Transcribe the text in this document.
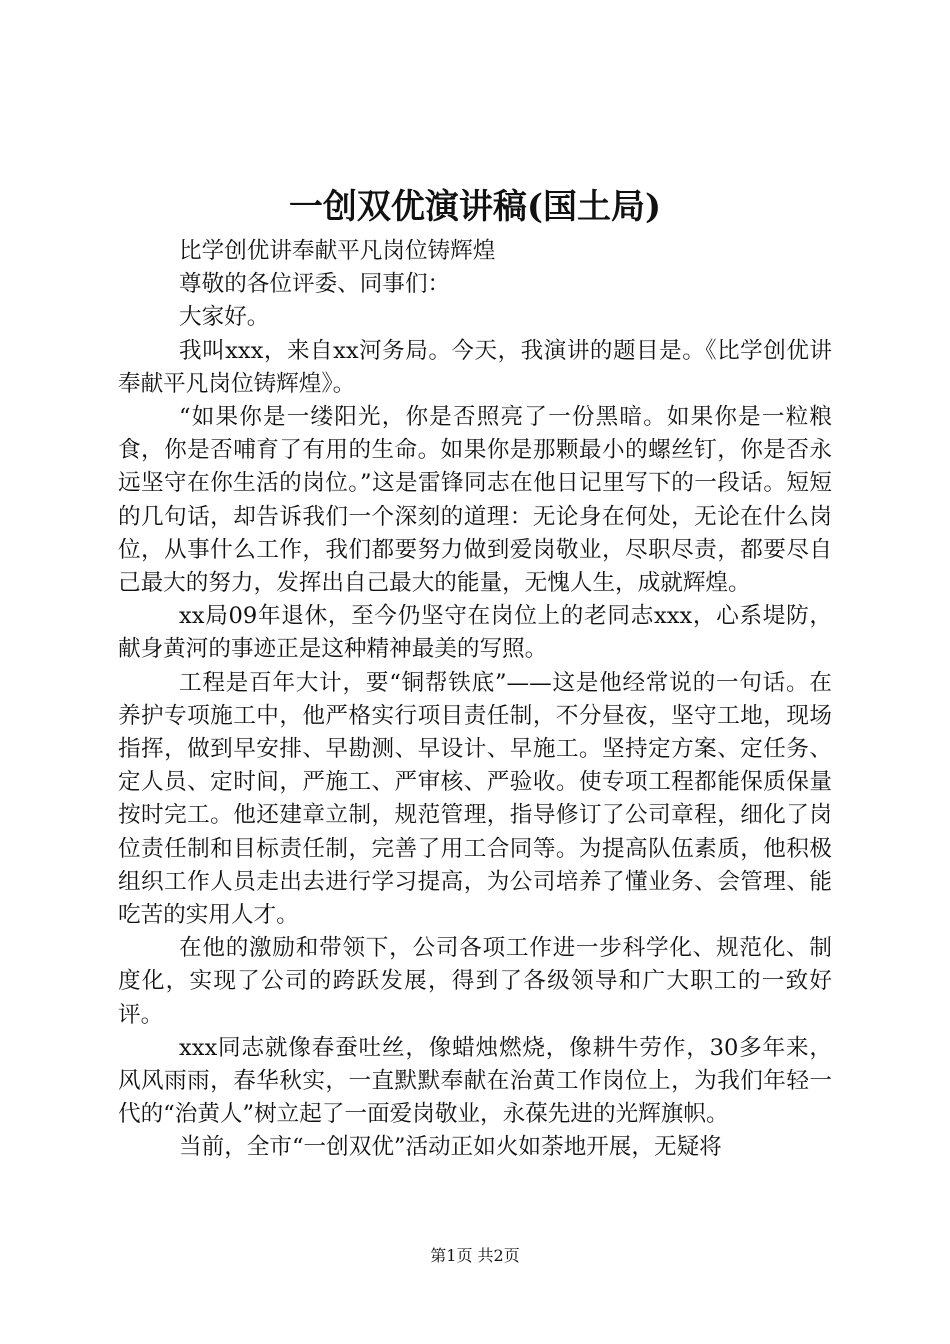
一创双优演讲稿(国土局)

比学创优讲奉献平凡岗位铸辉煌

尊敬的各位评委、同事们：

大家好。

我叫xxx，来自xx河务局。今天，我演讲的题目是。《比学创优讲奉献平凡岗位铸辉煌》。

“如果你是一缕阳光，你是否照亮了一份黑暗。如果你是一粒粮食，你是否哺育了有用的生命。如果你是那颗最小的螺丝钉，你是否永远坚守在你生活的岗位。”这是雷锋同志在他日记里写下的一段话。短短的几句话，却告诉我们一个深刻的道理：无论身在何处，无论在什么岗位，从事什么工作，我们都要努力做到爱岗敬业，尽职尽责，都要尽自己最大的努力，发挥出自己最大的能量，无愧人生，成就辉煌。

xx局09年退休，至今仍坚守在岗位上的老同志xxx，心系堤防，献身黄河的事迹正是这种精神最美的写照。

工程是百年大计，要“铜帮铁底”——这是他经常说的一句话。在养护专项施工中，他严格实行项目责任制，不分昼夜，坚守工地，现场指挥，做到早安排、早勘测、早设计、早施工。坚持定方案、定任务、定人员、定时间，严施工、严审核、严验收。使专项工程都能保质保量按时完工。他还建章立制，规范管理，指导修订了公司章程，细化了岗位责任制和目标责任制，完善了用工合同等。为提高队伍素质，他积极组织工作人员走出去进行学习提高，为公司培养了懂业务、会管理、能吃苦的实用人才。

在他的激励和带领下，公司各项工作进一步科学化、规范化、制度化，实现了公司的跨跃发展，得到了各级领导和广大职工的一致好评。

xxx同志就像春蚕吐丝，像蜡烛燃烧，像耕牛劳作，30多年来，风风雨雨，春华秋实，一直默默奉献在治黄工作岗位上，为我们年轻一代的“治黄人”树立起了一面爱岗敬业，永葆先进的光辉旗帜。

当前，全市“一创双优”活动正如火如荼地开展，无疑将

第1页 共2页
